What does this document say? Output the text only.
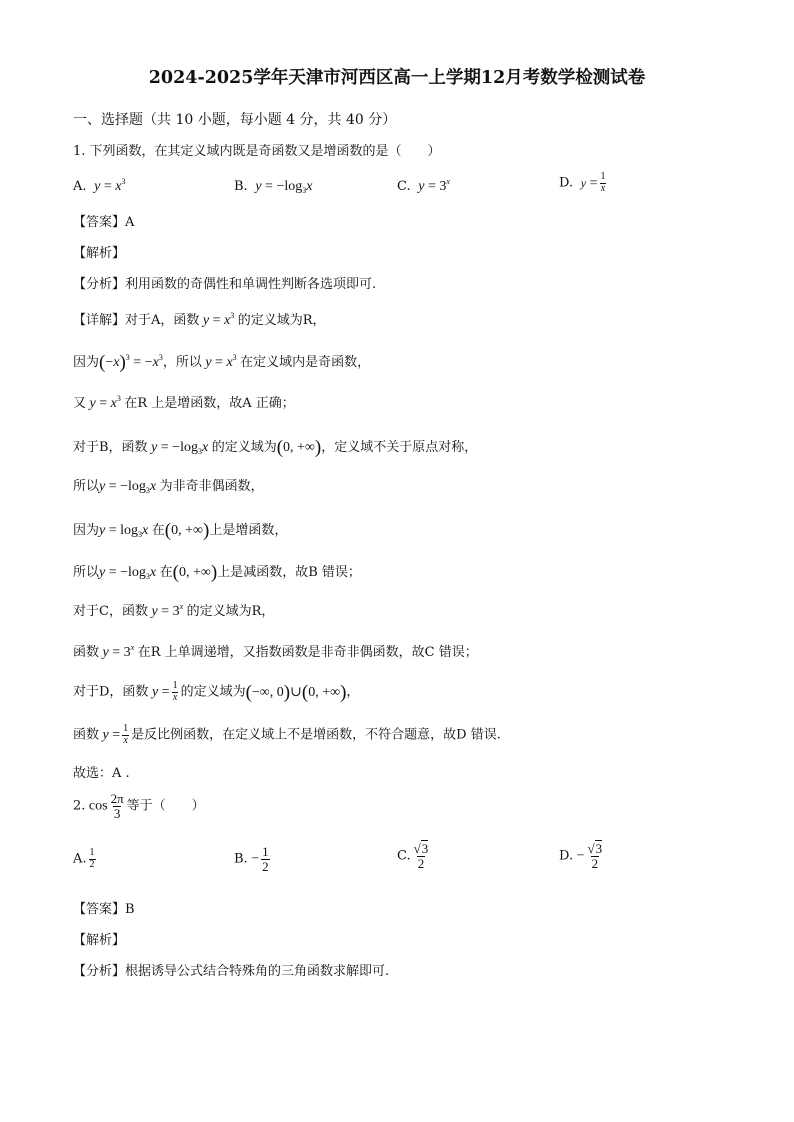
2024-2025学年天津市河西区高一上学期12月考数学检测试卷
一、选择题（共 10 小题，每小题 4 分，共 40 分）
1. 下列函数，在其定义域内既是奇函数又是增函数的是（　　）
A. $y = x^3$	B. $y = -\log_3x$	C. $y = 3^x$	D. $y = \frac{1}{x}$
【答案】A
【解析】
【分析】利用函数的奇偶性和单调性判断各选项即可.
【详解】对于A，函数 $y = x^3$ 的定义域为R，
因为$(-x)^3 = -x^3$，所以 $y = x^3$ 在定义域内是奇函数，
又 $y = x^3$ 在R 上是增函数，故A 正确；
对于B，函数 $y = -\log_3x$ 的定义域为(0, +∞)，定义域不关于原点对称，
所以$y = -\log_3x$ 为非奇非偶函数，
因为$y = \log_3x$ 在(0, +∞)上是增函数，
所以$y = -\log_3x$ 在(0, +∞)上是减函数，故B 错误；
对于C，函数 $y = 3^x$ 的定义域为R，
函数 $y = 3^x$ 在R 上单调递增，又指数函数是非奇非偶函数，故C 错误；
对于D，函数 $y = \frac{1}{x}$ 的定义域为(−∞, 0)∪(0, +∞)，
函数 $y = \frac{1}{x}$ 是反比例函数，在定义域上不是增函数，不符合题意，故D 错误.
故选：A .
2. $\cos \frac{2\pi}{3}$ 等于（　　）
A. $\frac{1}{2}$	B. − $\frac{1}{2}$	C. $\frac{√3}{2}$	D. − $\frac{√3}{2}$
【答案】B
【解析】
【分析】根据诱导公式结合特殊角的三角函数求解即可.
